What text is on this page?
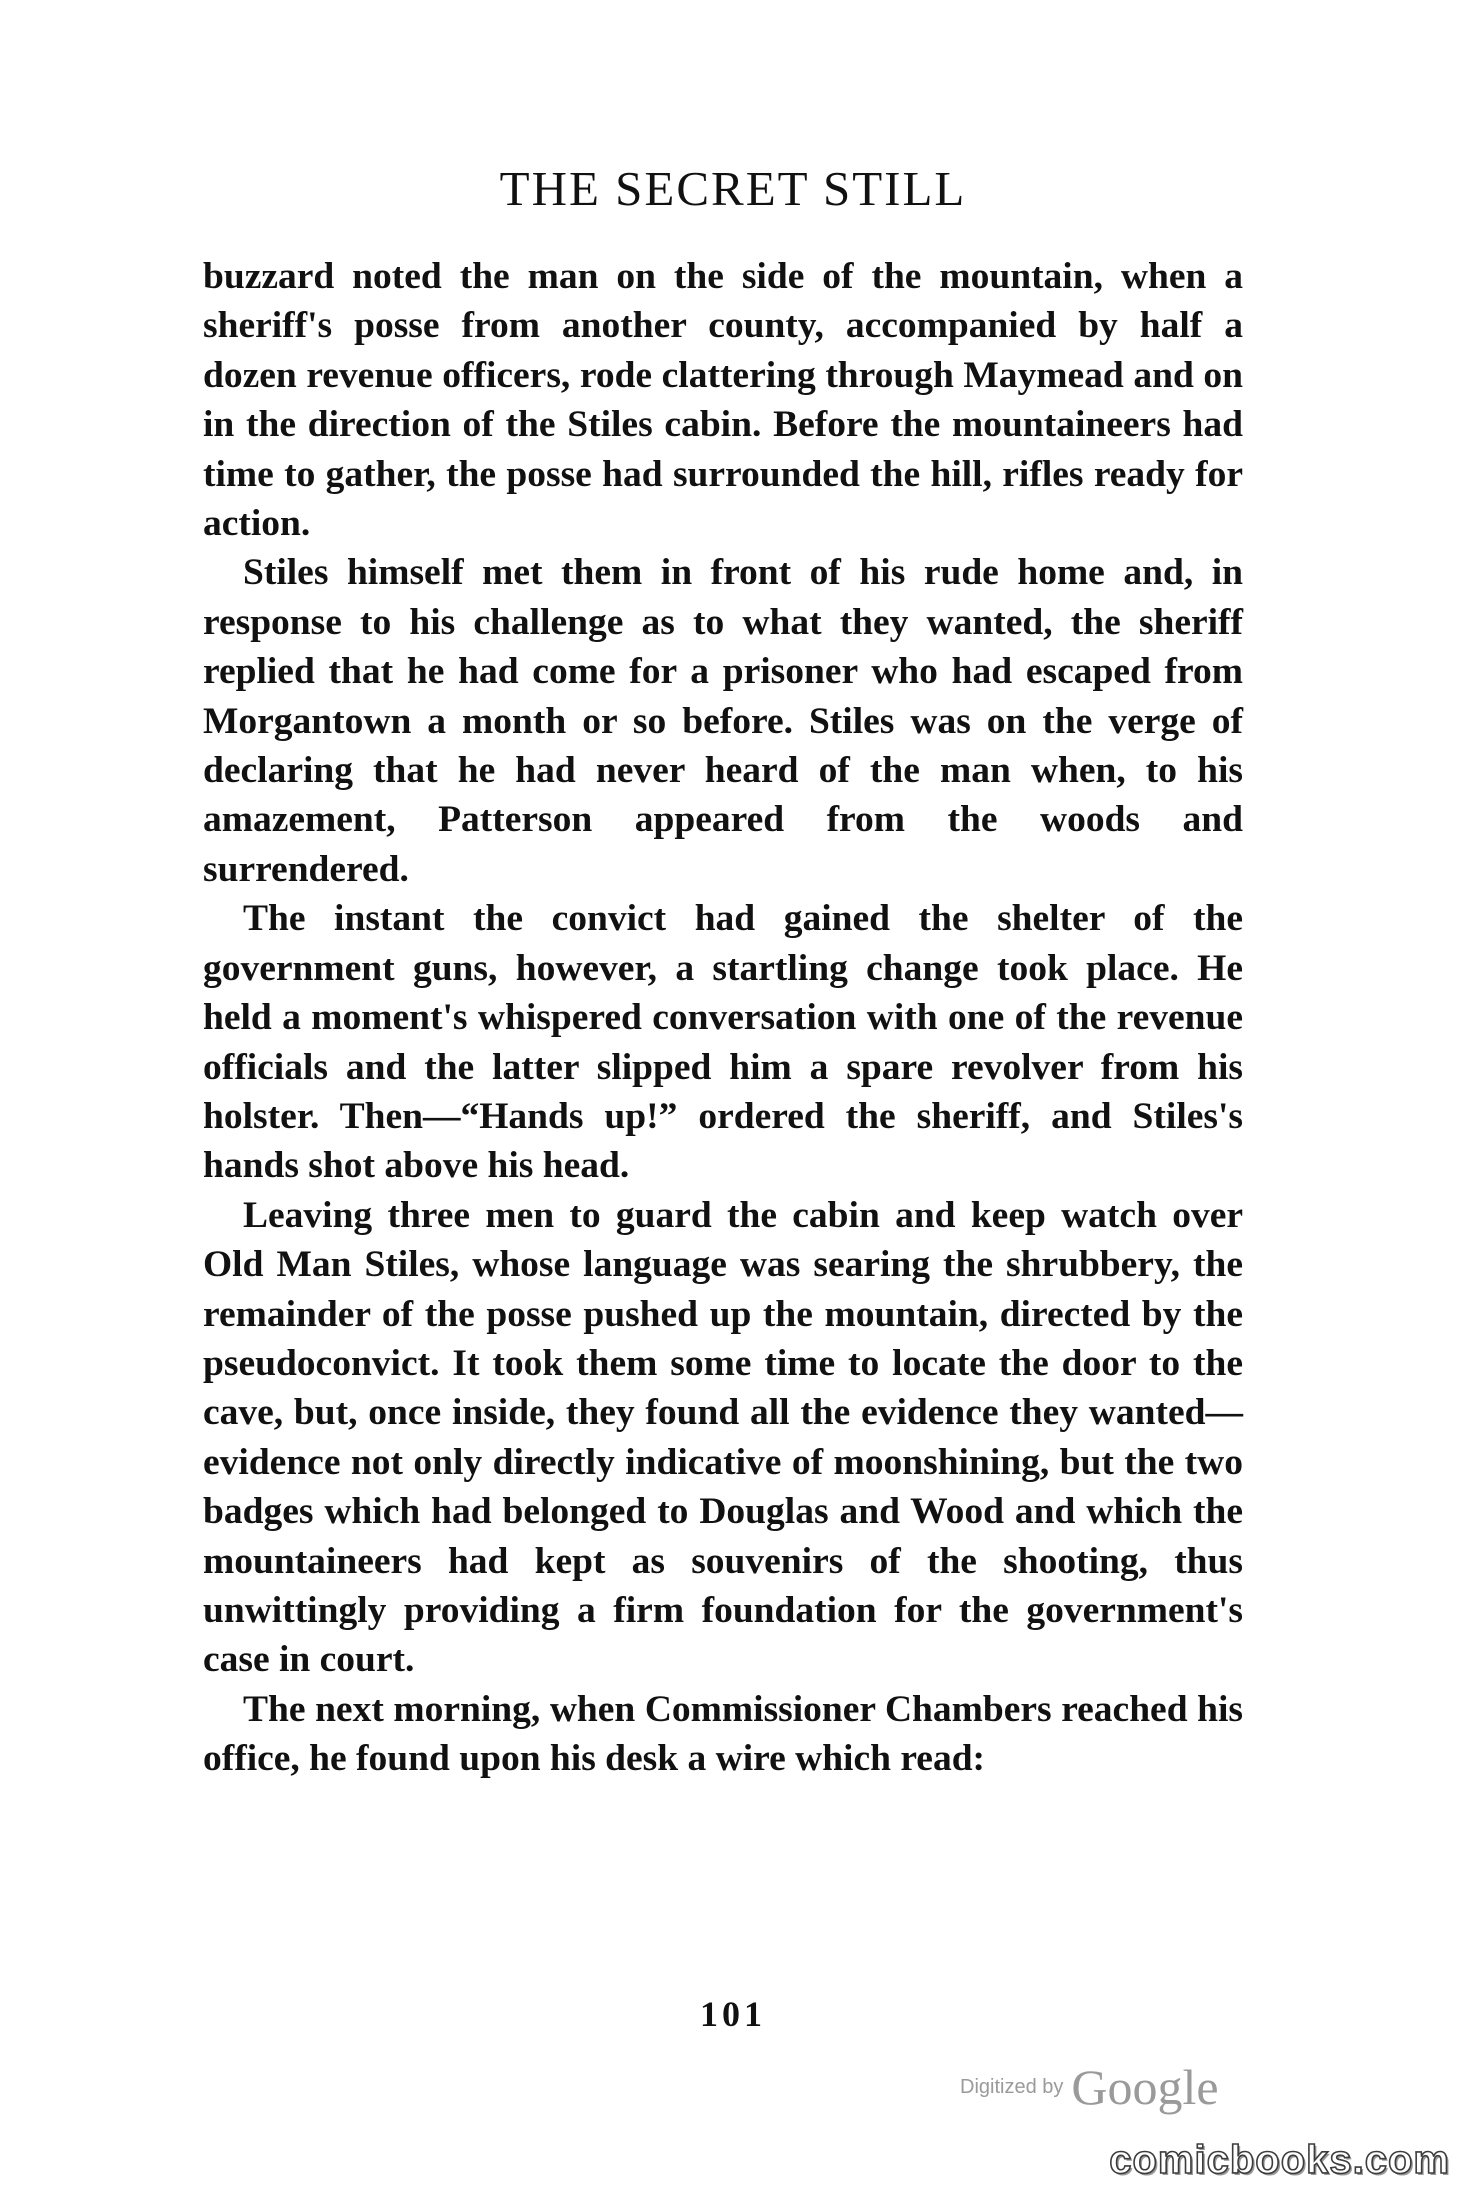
THE SECRET STILL

buzzard noted the man on the side of the mountain, when a sheriff's posse from another county, accompanied by half a dozen revenue officers, rode clattering through Maymead and on in the direction of the Stiles cabin. Before the mountaineers had time to gather, the posse had surrounded the hill, rifles ready for action.

Stiles himself met them in front of his rude home and, in response to his challenge as to what they wanted, the sheriff replied that he had come for a prisoner who had escaped from Morgantown a month or so before. Stiles was on the verge of declaring that he had never heard of the man when, to his amazement, Patterson appeared from the woods and surrendered.

The instant the convict had gained the shelter of the government guns, however, a startling change took place. He held a moment's whispered conversation with one of the revenue officials and the latter slipped him a spare revolver from his holster. Then—“Hands up!” ordered the sheriff, and Stiles's hands shot above his head.

Leaving three men to guard the cabin and keep watch over Old Man Stiles, whose language was searing the shrubbery, the remainder of the posse pushed up the mountain, directed by the pseudoconvict. It took them some time to locate the door to the cave, but, once inside, they found all the evidence they wanted—evidence not only directly indicative of moonshining, but the two badges which had belonged to Douglas and Wood and which the mountaineers had kept as souvenirs of the shooting, thus unwittingly providing a firm foundation for the government's case in court.

The next morning, when Commissioner Chambers reached his office, he found upon his desk a wire which read:

101
Digitized by Google
comicbooks.com
